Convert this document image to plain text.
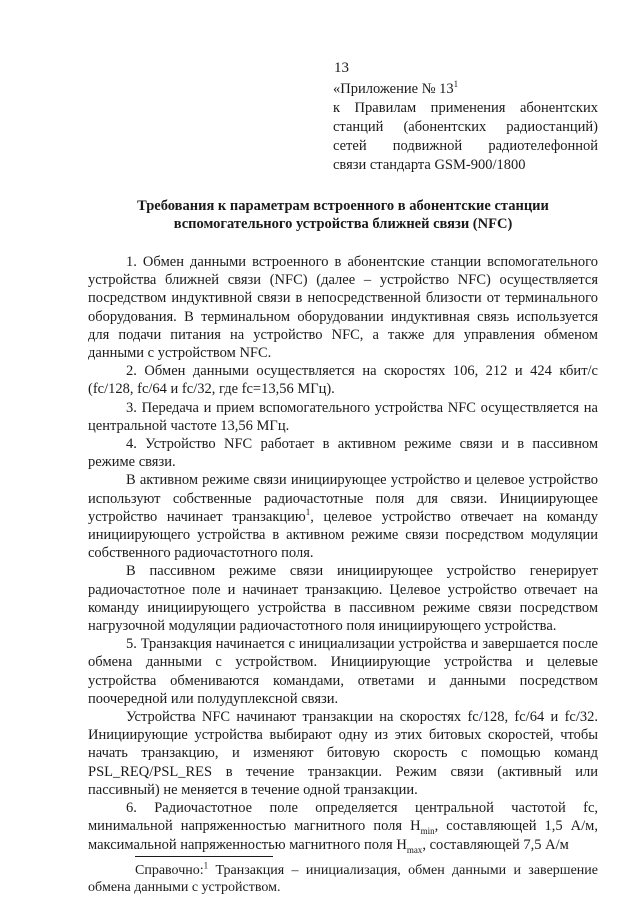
13
«Приложение № $13^1$
к Правилам применения абонентских
станций (абонентских радиостанций)
сетей подвижной радиотелефонной
связи стандарта GSM-900/1800
Требования к параметрам встроенного в абонентские станции
вспомогательного устройства ближней связи (NFC)

1. Обмен данными встроенного в абонентские станции вспомогательного устройства ближней связи (NFC) (далее – устройство NFC) осуществляется посредством индуктивной связи в непосредственной близости от терминального оборудования. В терминальном оборудовании индуктивная связь используется для подачи питания на устройство NFC, а также для управления обменом данными с устройством NFC.

2. Обмен данными осуществляется на скоростях 106, 212 и 424 кбит/с (fc/128, fc/64 и fc/32, где fc=13,56 МГц).

3. Передача и прием вспомогательного устройства NFC осуществляется на центральной частоте 13,56 МГц.

4. Устройство NFC работает в активном режиме связи и в пассивном режиме связи.

В активном режиме связи инициирующее устройство и целевое устройство используют собственные радиочастотные поля для связи. Инициирующее устройство начинает транзакцию$^1$, целевое устройство отвечает на команду инициирующего устройства в активном режиме связи посредством модуляции собственного радиочастотного поля.

В пассивном режиме связи инициирующее устройство генерирует радиочастотное поле и начинает транзакцию. Целевое устройство отвечает на команду инициирующего устройства в пассивном режиме связи посредством нагрузочной модуляции радиочастотного поля инициирующего устройства.

5. Транзакция начинается с инициализации устройства и завершается после обмена данными с устройством. Инициирующие устройства и целевые устройства обмениваются командами, ответами и данными посредством поочередной или полудуплексной связи.

Устройства NFC начинают транзакции на скоростях fc/128, fc/64 и fc/32. Инициирующие устройства выбирают одну из этих битовых скоростей, чтобы начать транзакцию, и изменяют битовую скорость с помощью команд PSL_REQ/PSL_RES в течение транзакции. Режим связи (активный или пассивный) не меняется в течение одной транзакции.

6. Радиочастотное поле определяется центральной частотой fc, минимальной напряженностью магнитного поля $H_{min}$, составляющей 1,5 А/м, максимальной напряженностью магнитного поля $H_{max}$, составляющей 7,5 А/м

Справочно:$^1$ Транзакция – инициализация, обмен данными и завершение обмена данными с устройством.
